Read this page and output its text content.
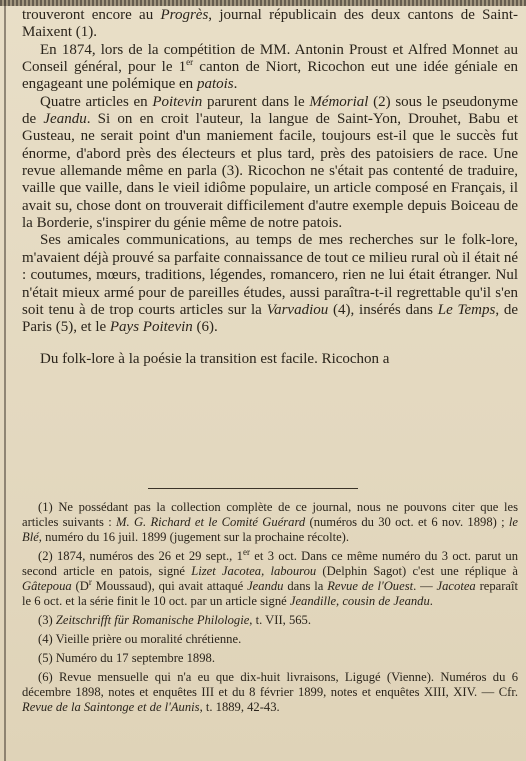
trouveront encore au Progrès, journal républicain des deux cantons de Saint-Maixent (1).

En 1874, lors de la compétition de MM. Antonin Proust et Alfred Monnet au Conseil général, pour le 1er canton de Niort, Ricochon eut une idée géniale en engageant une polémique en patois.

Quatre articles en Poitevin parurent dans le Mémorial (2) sous le pseudonyme de Jeandu. Si on en croit l'auteur, la langue de Saint-Yon, Drouhet, Babu et Gusteau, ne serait point d'un maniement facile, toujours est-il que le succès fut énorme, d'abord près des électeurs et plus tard, près des patoisiers de race. Une revue allemande même en parla (3). Ricochon ne s'était pas contenté de traduire, vaille que vaille, dans le vieil idiôme populaire, un article composé en Français, il avait su, chose dont on trouverait difficilement d'autre exemple depuis Boiceau de la Borderie, s'inspirer du génie même de notre patois.

Ses amicales communications, au temps de mes recherches sur le folk-lore, m'avaient déjà prouvé sa parfaite connaissance de tout ce milieu rural où il était né : coutumes, mœurs, traditions, légendes, romancero, rien ne lui était étranger. Nul n'était mieux armé pour de pareilles études, aussi paraîtra-t-il regrettable qu'il s'en soit tenu à de trop courts articles sur la Varvadiou (4), insérés dans Le Temps, de Paris (5), et le Pays Poitevin (6).

Du folk-lore à la poésie la transition est facile. Ricochon a

(1) Ne possédant pas la collection complète de ce journal, nous ne pouvons citer que les articles suivants : M. G. Richard et le Comité Guérard (numéros du 30 oct. et 6 nov. 1898) ; le Blé, numéro du 16 juil. 1899 (jugement sur la prochaine récolte).

(2) 1874, numéros des 26 et 29 sept., 1er et 3 oct. Dans ce même numéro du 3 oct. parut un second article en patois, signé Lizet Jacotea, labourou (Delphin Sagot) c'est une réplique à Gâtepoua ($D^r$ Moussaud), qui avait attaqué Jeandu dans la Revue de l'Ouest. — Jacotea reparaît le 6 oct. et la série finit le 10 oct. par un article signé Jeandille, cousin de Jeandu.

(3) Zeitschrifft für Romanische Philologie, t. VII, 565.

(4) Vieille prière ou moralité chrétienne.

(5) Numéro du 17 septembre 1898.

(6) Revue mensuelle qui n'a eu que dix-huit livraisons, Ligugé (Vienne). Numéros du 6 décembre 1898, notes et enquêtes III et du 8 février 1899, notes et enquêtes XIII, XIV. — Cfr. Revue de la Saintonge et de l'Aunis, t. 1889, 42-43.
